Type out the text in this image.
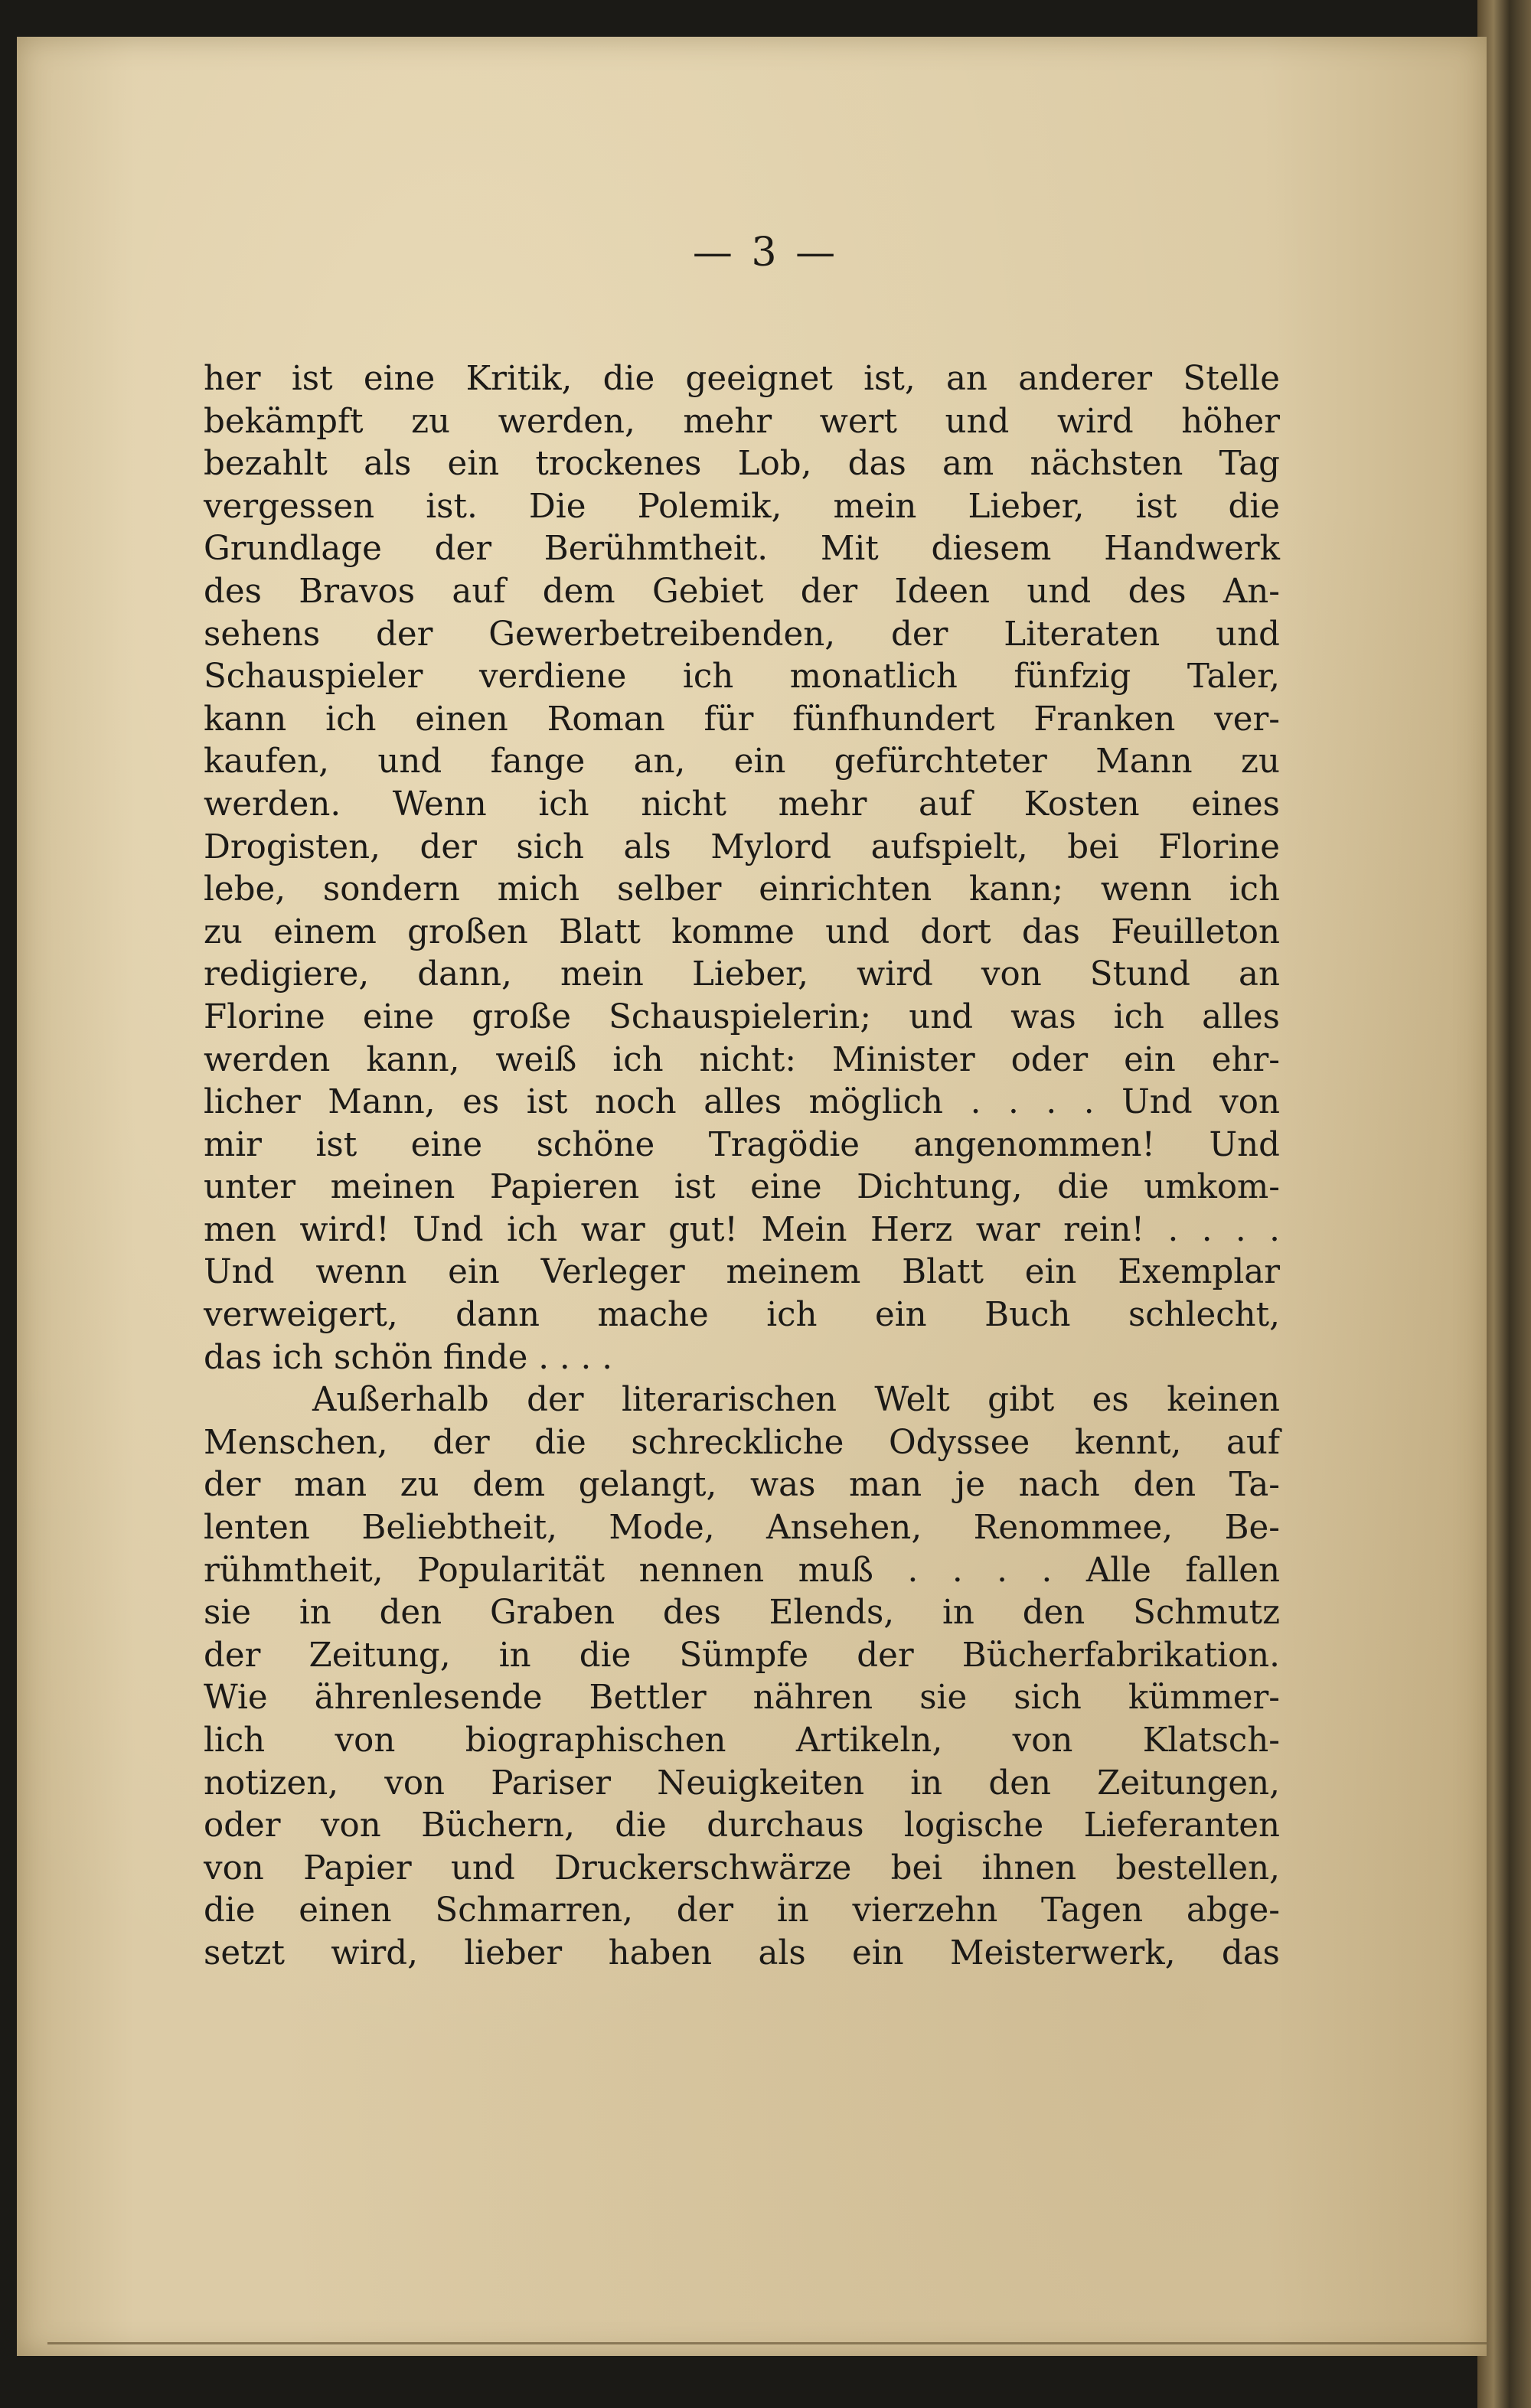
— 3 —
her ist eine Kritik, die geeignet ist, an anderer Stelle
bekämpft zu werden, mehr wert und wird höher
bezahlt als ein trockenes Lob, das am nächsten Tag
vergessen ist. Die Polemik, mein Lieber, ist die
Grundlage der Berühmtheit. Mit diesem Handwerk
des Bravos auf dem Gebiet der Ideen und des An-
sehens der Gewerbetreibenden, der Literaten und
Schauspieler verdiene ich monatlich fünfzig Taler,
kann ich einen Roman für fünfhundert Franken ver-
kaufen, und fange an, ein gefürchteter Mann zu
werden. Wenn ich nicht mehr auf Kosten eines
Drogisten, der sich als Mylord aufspielt, bei Florine
lebe, sondern mich selber einrichten kann; wenn ich
zu einem großen Blatt komme und dort das Feuilleton
redigiere, dann, mein Lieber, wird von Stund an
Florine eine große Schauspielerin; und was ich alles
werden kann, weiß ich nicht: Minister oder ein ehr-
licher Mann, es ist noch alles möglich . . . . Und von
mir ist eine schöne Tragödie angenommen! Und
unter meinen Papieren ist eine Dichtung, die umkom-
men wird! Und ich war gut! Mein Herz war rein! . . . .
Und wenn ein Verleger meinem Blatt ein Exemplar
verweigert, dann mache ich ein Buch schlecht,
das ich schön finde . . . .
Außerhalb der literarischen Welt gibt es keinen
Menschen, der die schreckliche Odyssee kennt, auf
der man zu dem gelangt, was man je nach den Ta-
lenten Beliebtheit, Mode, Ansehen, Renommee, Be-
rühmtheit, Popularität nennen muß . . . . Alle fallen
sie in den Graben des Elends, in den Schmutz
der Zeitung, in die Sümpfe der Bücherfabrikation.
Wie ährenlesende Bettler nähren sie sich kümmer-
lich von biographischen Artikeln, von Klatsch-
notizen, von Pariser Neuigkeiten in den Zeitungen,
oder von Büchern, die durchaus logische Lieferanten
von Papier und Druckerschwärze bei ihnen bestellen,
die einen Schmarren, der in vierzehn Tagen abge-
setzt wird, lieber haben als ein Meisterwerk, das
